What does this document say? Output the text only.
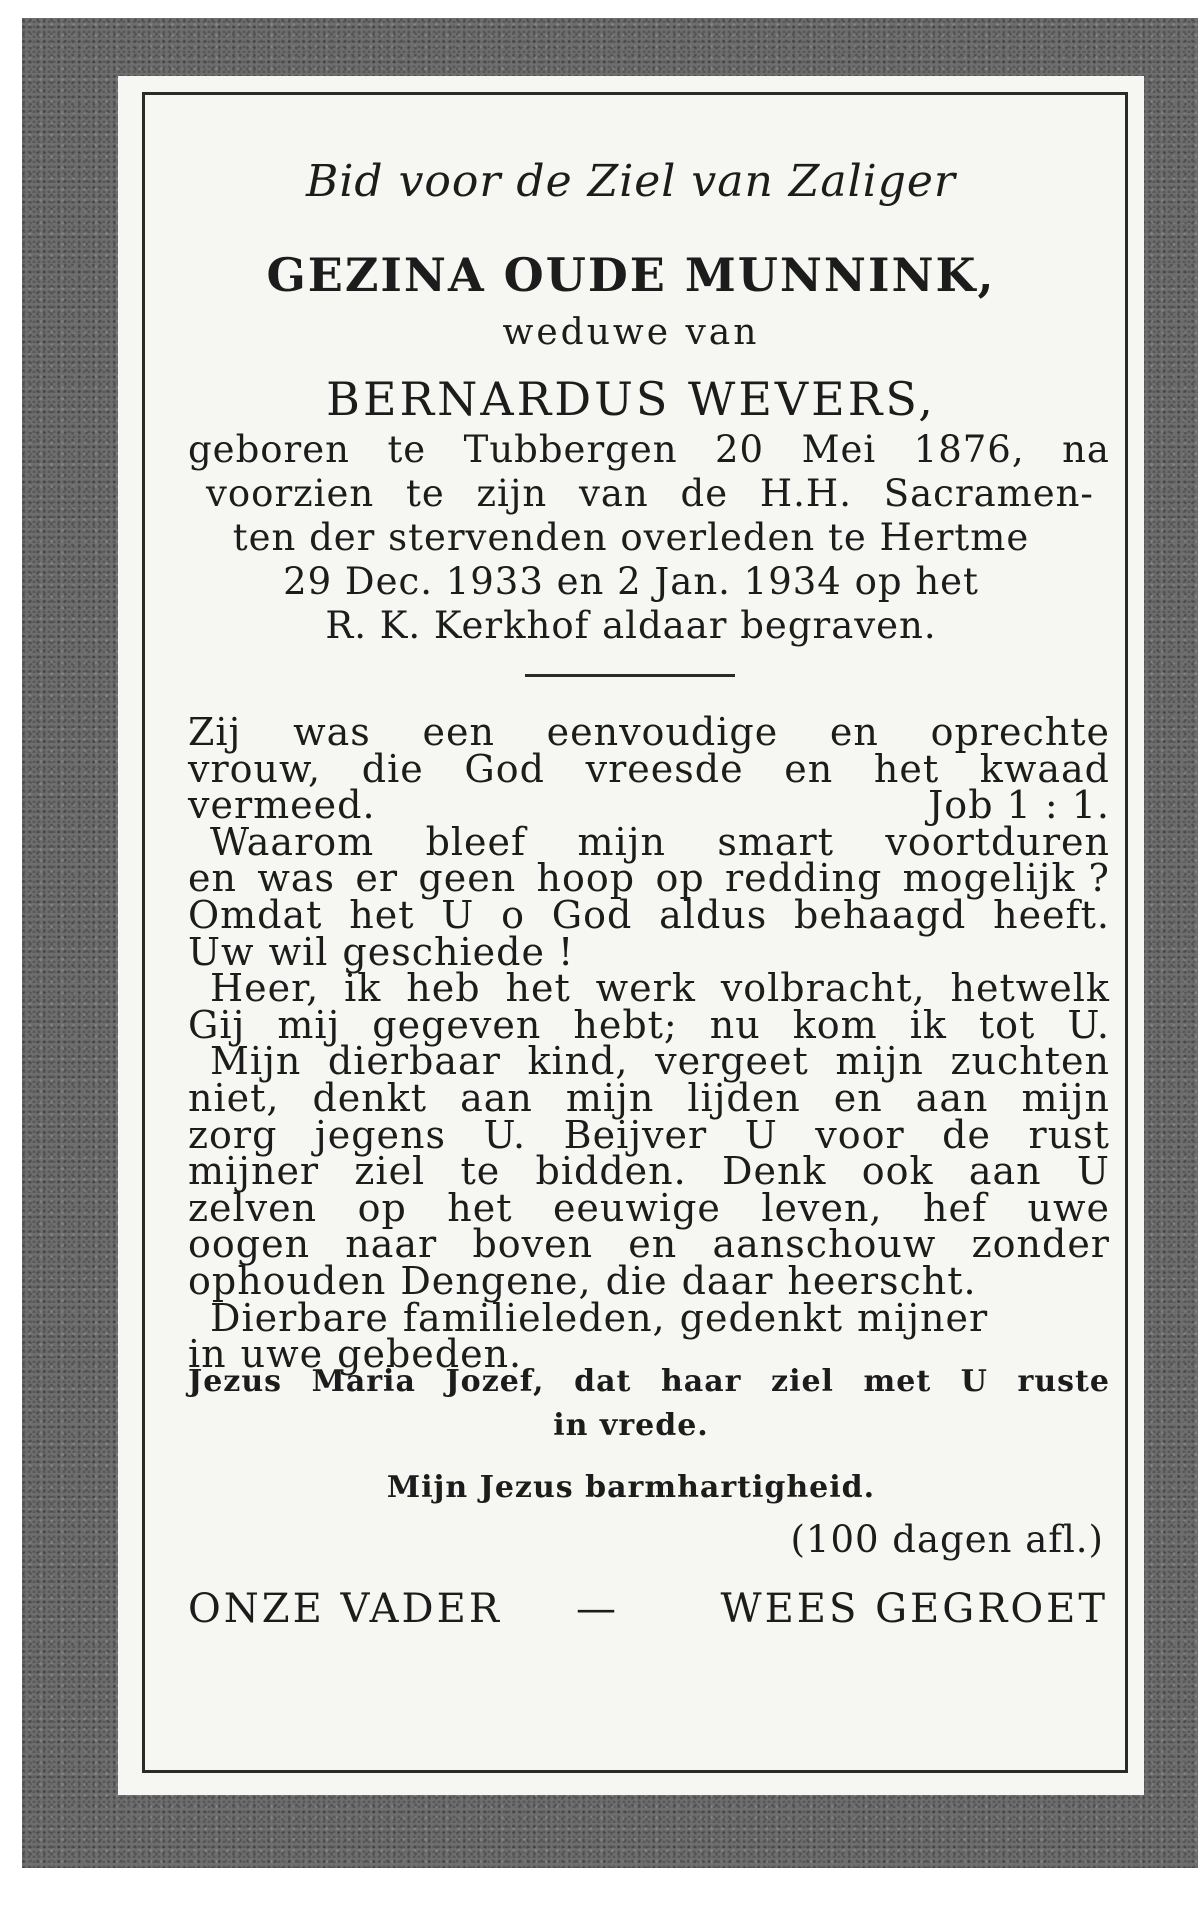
Bid voor de Ziel van Zaliger
GEZINA OUDE MUNNINK,
weduwe van
BERNARDUS WEVERS,
geboren te Tubbergen 20 Mei 1876, na
voorzien te zijn van de H.H. Sacramen-
ten der stervenden overleden te Hertme
29 Dec. 1933 en 2 Jan. 1934 op het
R. K. Kerkhof aldaar begraven.
Zij was een eenvoudige en oprechte
vrouw, die God vreesde en het kwaad
vermeed.	Job 1 : 1.
Waarom bleef mijn smart voortduren
en was er geen hoop op redding mogelijk ?
Omdat het U o God aldus behaagd heeft.
Uw wil geschiede !
Heer, ik heb het werk volbracht, hetwelk
Gij mij gegeven hebt; nu kom ik tot U.
Mijn dierbaar kind, vergeet mijn zuchten
niet, denkt aan mijn lijden en aan mijn
zorg jegens U. Beijver U voor de rust
mijner ziel te bidden. Denk ook aan U
zelven op het eeuwige leven, hef uwe
oogen naar boven en aanschouw zonder
ophouden Dengene, die daar heerscht.
Dierbare familieleden, gedenkt mijner
in uwe gebeden.
Jezus Maria Jozef, dat haar ziel met U ruste
in vrede.
Mijn Jezus barmhartigheid.
(100 dagen afl.)
ONZE VADER —	WEES GEGROET
